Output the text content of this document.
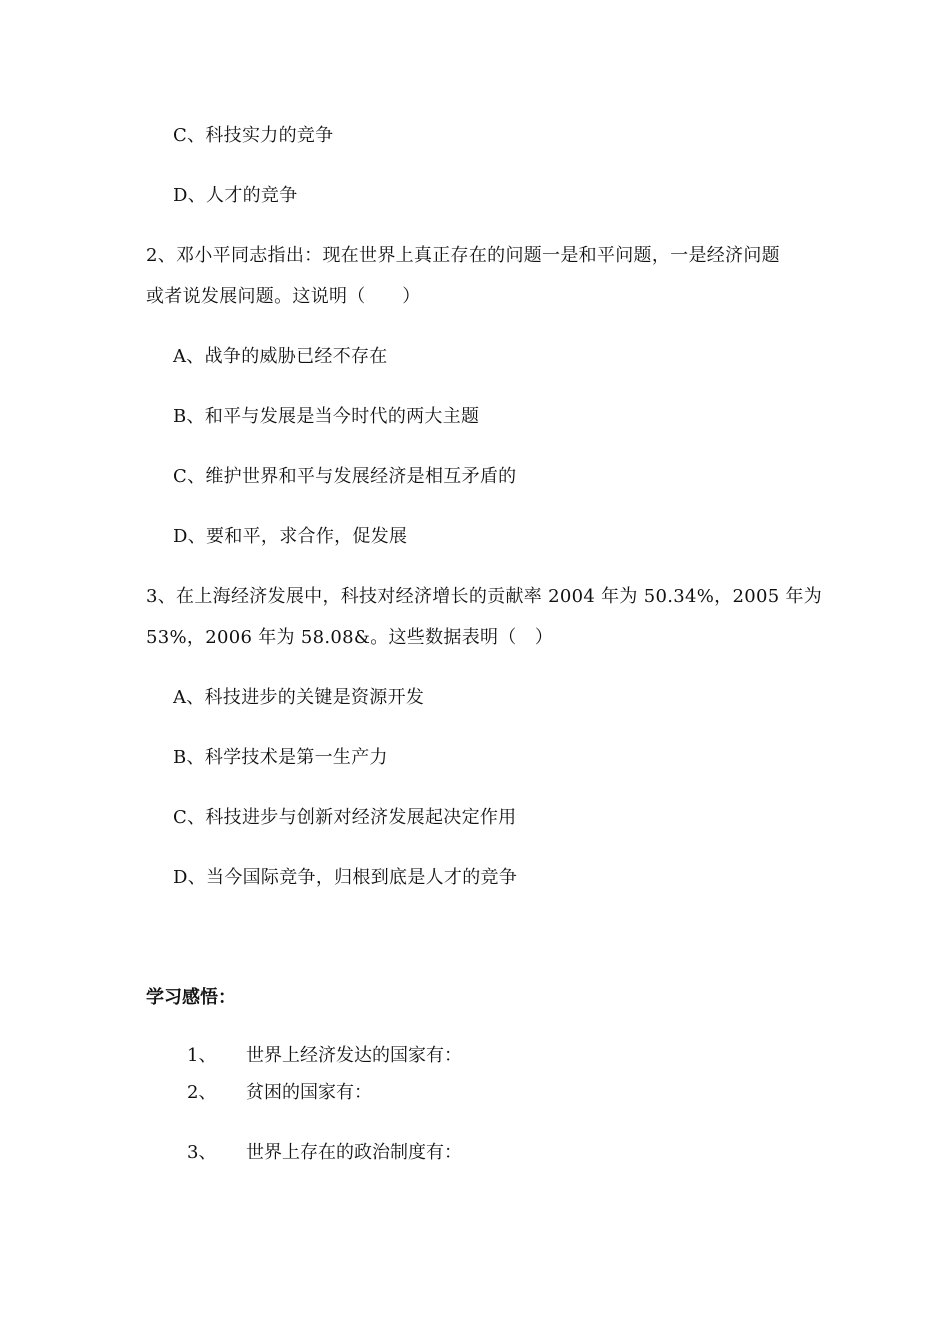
C、科技实力的竞争
D、人才的竞争
2、邓小平同志指出：现在世界上真正存在的问题一是和平问题，一是经济问题
或者说发展问题。这说明（　　）
A、战争的威胁已经不存在
B、和平与发展是当今时代的两大主题
C、维护世界和平与发展经济是相互矛盾的
D、要和平，求合作，促发展
3、在上海经济发展中，科技对经济增长的贡献率 2004 年为 50.34%，2005 年为
53%，2006 年为 58.08&。这些数据表明（　）
A、科技进步的关键是资源开发
B、科学技术是第一生产力
C、科技进步与创新对经济发展起决定作用
D、当今国际竞争，归根到底是人才的竞争
学习感悟：
1、 世界上经济发达的国家有：
2、 贫困的国家有：
3、 世界上存在的政治制度有：
